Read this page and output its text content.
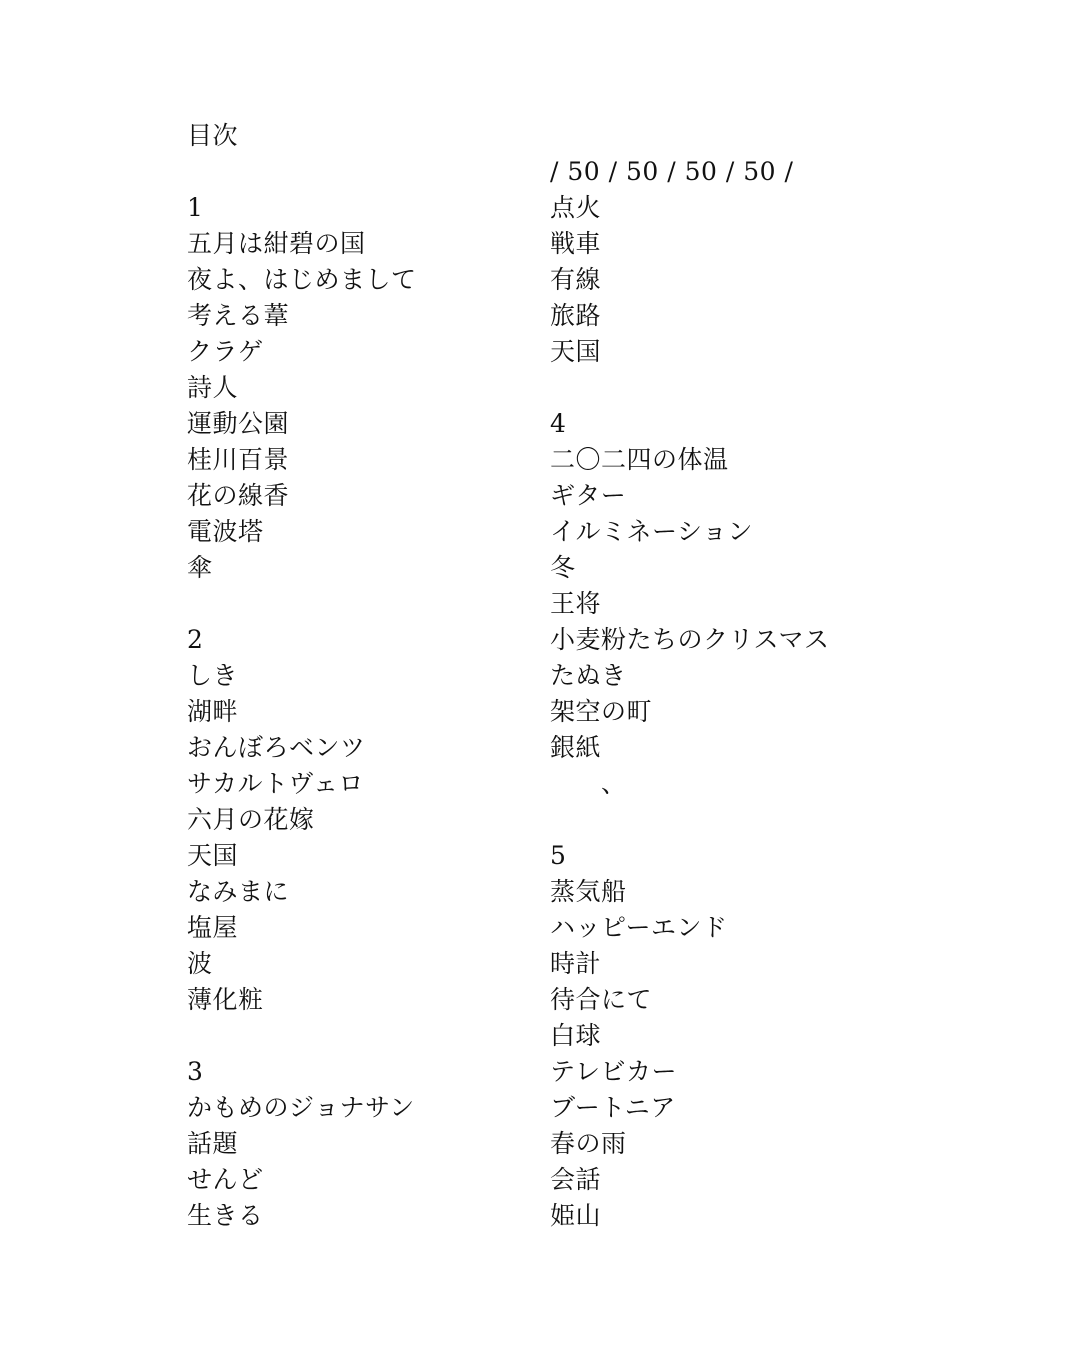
目次
1
五月は紺碧の国
夜よ、はじめまして
考える葦
クラゲ
詩人
運動公園
桂川百景
花の線香
電波塔
傘
2
しき
湖畔
おんぼろベンツ
サカルトヴェロ
六月の花嫁
天国
なみまに
塩屋
波
薄化粧
3
かもめのジョナサン
話題
せんど
生きる
/ 50 / 50 / 50 / 50 /
点火
戦車
有線
旅路
天国
4
二〇二四の体温
ギター
イルミネーション
冬
王将
小麦粉たちのクリスマス
たぬき
架空の町
銀紙
　　、
5
蒸気船
ハッピーエンド
時計
待合にて
白球
テレビカー
ブートニア
春の雨
会話
姫山
